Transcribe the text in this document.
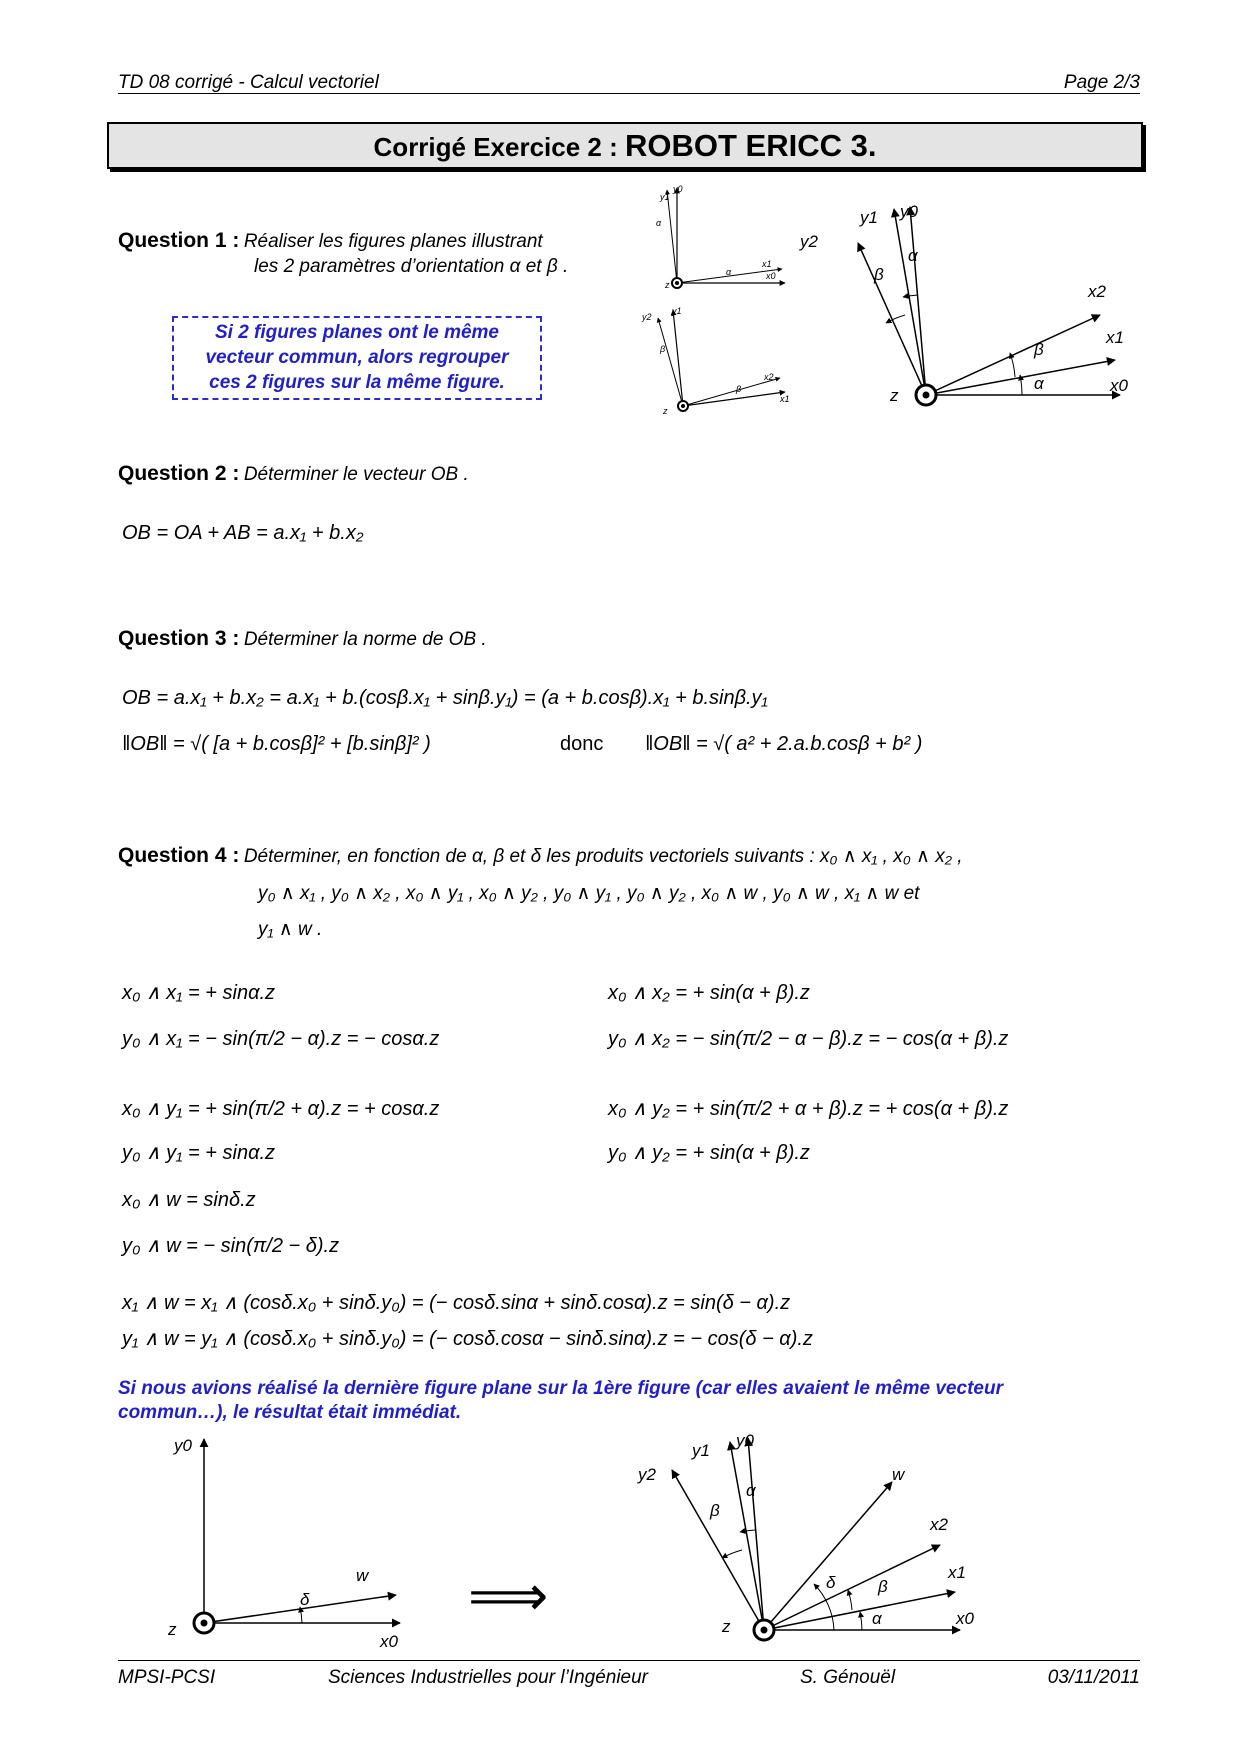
TD 08 corrigé - Calcul vectoriel	Page 2/3
Corrigé Exercice 2 : ROBOT ERICC 3.
Question 1 : Réaliser les figures planes illustrant
les 2 paramètres d’orientation α et β .
Si 2 figures planes ont le même
vecteur commun, alors regrouper
ces 2 figures sur la même figure.
y1
y0
x1
x0
z
α
α
y2
y1
x2
x1
z
β
β
y1 y0
y2
x2
x1
x0
z
α
β
α
β
Question 2 : Déterminer le vecteur OB .
OB = OA + AB = a.x₁ + b.x₂
Question 3 : Déterminer la norme de OB .
OB = a.x₁ + b.x₂ = a.x₁ + b.(cosβ.x₁ + sinβ.y₁) = (a + b.cosβ).x₁ + b.sinβ.y₁
‖OB‖ = √( [a + b.cosβ]² + [b.sinβ]² )	donc ‖OB‖ = √( a² + 2.a.b.cosβ + b² )
Question 4 : Déterminer, en fonction de α, β et δ les produits vectoriels suivants : x₀ ∧ x₁ , x₀ ∧ x₂ ,
y₀ ∧ x₁ , y₀ ∧ x₂ , x₀ ∧ y₁ , x₀ ∧ y₂ , y₀ ∧ y₁ , y₀ ∧ y₂ , x₀ ∧ w , y₀ ∧ w , x₁ ∧ w et
y₁ ∧ w .
x₀ ∧ x₁ = + sinα.z	x₀ ∧ x₂ = + sin(α + β).z
y₀ ∧ x₁ = − sin(π/2 − α).z = − cosα.z	y₀ ∧ x₂ = − sin(π/2 − α − β).z = − cos(α + β).z
x₀ ∧ y₁ = + sin(π/2 + α).z = + cosα.z	x₀ ∧ y₂ = + sin(π/2 + α + β).z = + cos(α + β).z
y₀ ∧ y₁ = + sinα.z	y₀ ∧ y₂ = + sin(α + β).z
x₀ ∧ w = sinδ.z
y₀ ∧ w = − sin(π/2 − δ).z
x₁ ∧ w = x₁ ∧ (cosδ.x₀ + sinδ.y₀) = (− cosδ.sinα + sinδ.cosα).z = sin(δ − α).z
y₁ ∧ w = y₁ ∧ (cosδ.x₀ + sinδ.y₀) = (− cosδ.cosα − sinδ.sinα).z = − cos(δ − α).z
Si nous avions réalisé la dernière figure plane sur la 1ère figure (car elles avaient le même vecteur
commun…), le résultat était immédiat.
y0
x0
w
δ
z
⟹
y1
y0
y2	w
x2
x1
x0
z	α
β
δ
α
β
MPSI-PCSI	Sciences Industrielles pour l’Ingénieur	S. Génouël	03/11/2011
